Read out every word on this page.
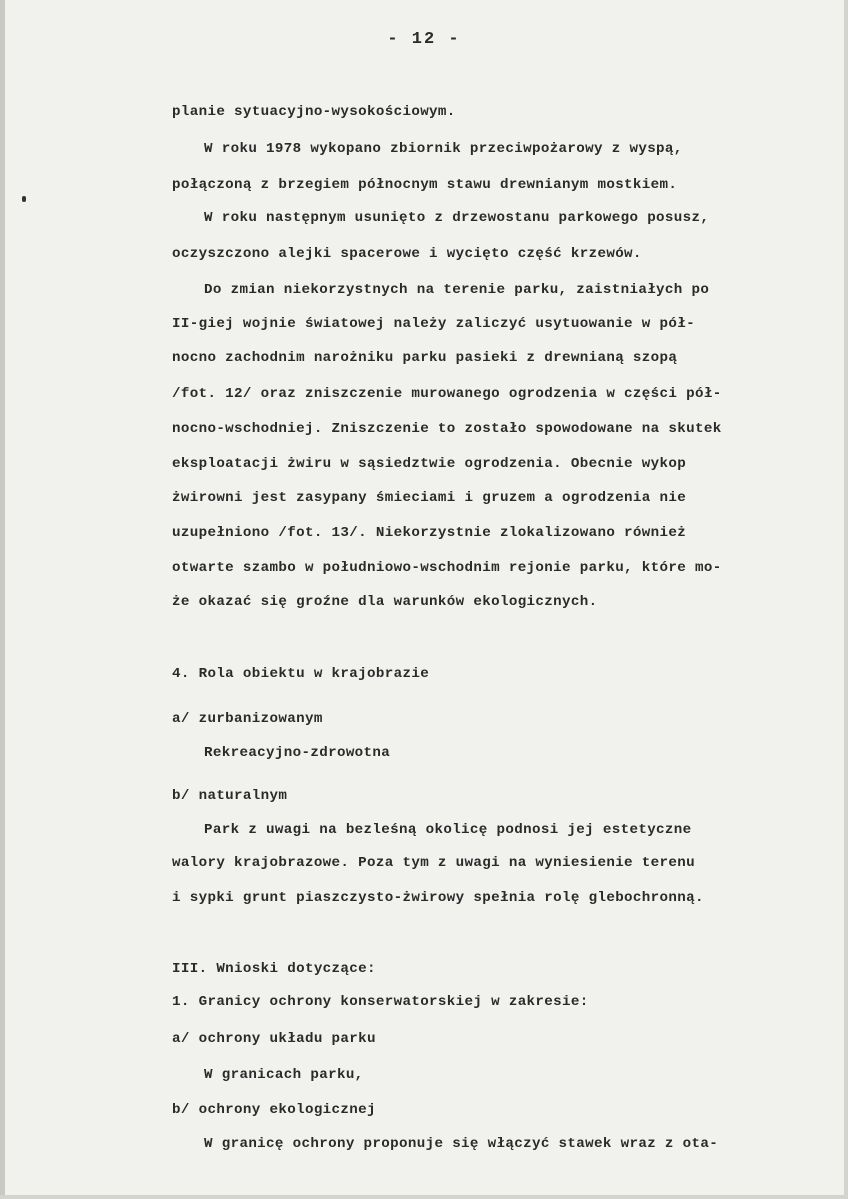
- 12 -
planie sytuacyjno-wysokościowym.
W roku 1978 wykopano zbiornik przeciwpożarowy z wyspą,
połączoną z brzegiem północnym stawu drewnianym mostkiem.
W roku następnym usunięto z drzewostanu parkowego posusz,
oczyszczono alejki spacerowe i wycięto część krzewów.
Do zmian niekorzystnych na terenie parku, zaistniałych po
II-giej wojnie światowej należy zaliczyć usytuowanie w pół-
nocno zachodnim narożniku parku pasieki z drewnianą szopą
/fot. 12/ oraz zniszczenie murowanego ogrodzenia w części pół-
nocno-wschodniej. Zniszczenie to zostało spowodowane na skutek
eksploatacji żwiru w sąsiedztwie ogrodzenia. Obecnie wykop
żwirowni jest zasypany śmieciami i gruzem a ogrodzenia nie
uzupełniono /fot. 13/. Niekorzystnie zlokalizowano również
otwarte szambo w południowo-wschodnim rejonie parku, które mo-
że okazać się groźne dla warunków ekologicznych.
4. Rola obiektu w krajobrazie
a/ zurbanizowanym
Rekreacyjno-zdrowotna
b/ naturalnym
Park z uwagi na bezleśną okolicę podnosi jej estetyczne
walory krajobrazowe. Poza tym z uwagi na wyniesienie terenu
i sypki grunt piaszczysto-żwirowy spełnia rolę glebochronną.
III. Wnioski dotyczące:
1. Granicy ochrony konserwatorskiej w zakresie:
a/ ochrony układu parku
W granicach parku,
b/ ochrony ekologicznej
W granicę ochrony proponuje się włączyć stawek wraz z ota-
